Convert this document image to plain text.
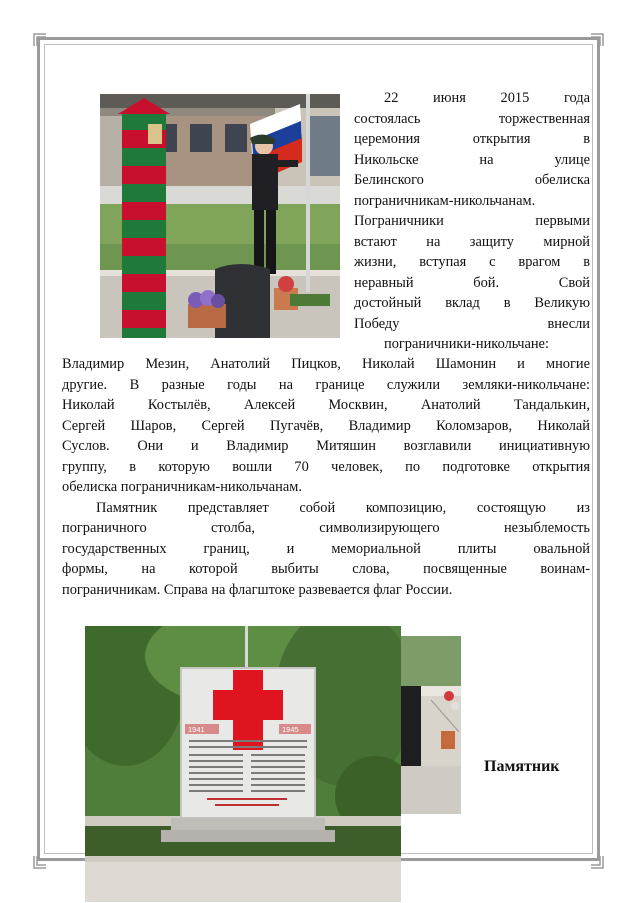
22 июня 2015 года
состоялась торжественная
церемония открытия в
Никольске на улице
Белинского обелиска
пограничникам-никольчанам.
Пограничники первыми
встают на защиту мирной
жизни, вступая с врагом в
неравный бой. Свой
достойный вклад в Великую
Победу внесли
пограничники-никольчане:
Владимир Мезин, Анатолий Пицков, Николай Шамонин и многие
другие. В разные годы на границе служили земляки-никольчане:
Николай Костылёв, Алексей Москвин, Анатолий Тандалькин,
Сергей Шаров, Сергей Пугачёв, Владимир Коломзаров, Николай
Суслов. Они и Владимир Митяшин возглавили инициативную
группу, в которую вошли 70 человек, по подготовке открытия
обелиска пограничникам-никольчанам.
Памятник представляет собой композицию, состоящую из
пограничного столба, символизирующего незыблемость
государственных границ, и мемориальной плиты овальной
формы, на которой выбиты слова, посвященные воинам-
пограничникам. Справа на флагштоке развевается флаг России.
1941	1945
Памятник
